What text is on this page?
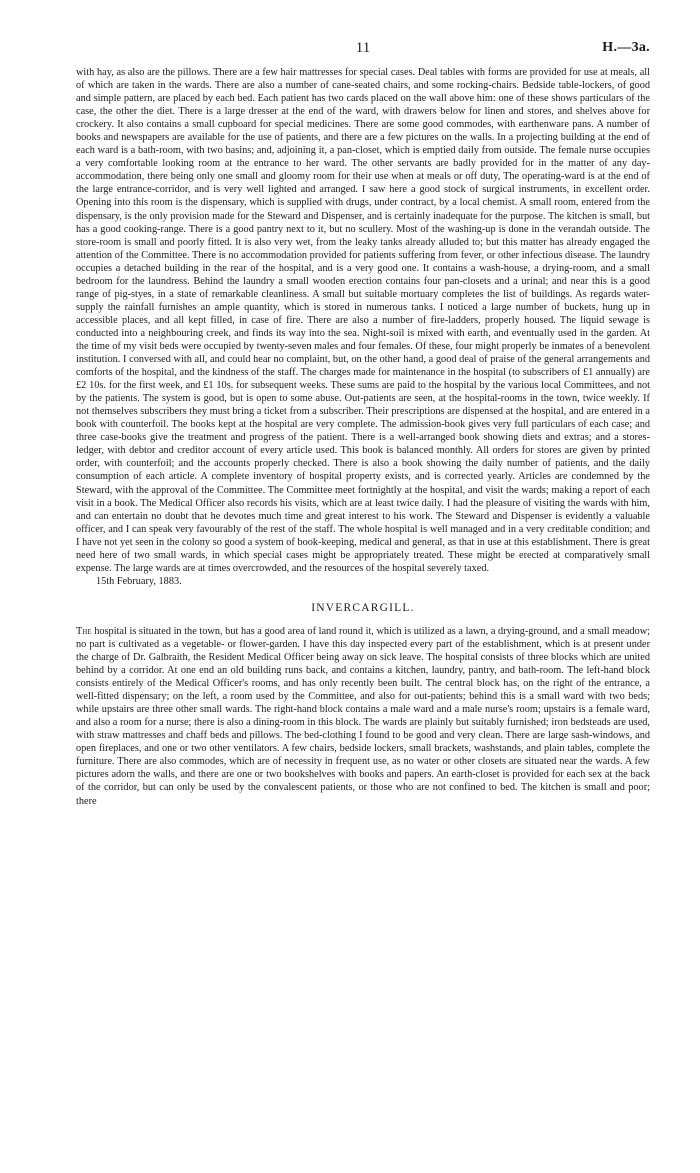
11	H.—3a.

with hay, as also are the pillows. There are a few hair mattresses for special cases. Deal tables with forms are provided for use at meals, all of which are taken in the wards. There are also a number of cane-seated chairs, and some rocking-chairs. Bedside table-lockers, of good and simple pattern, are placed by each bed. Each patient has two cards placed on the wall above him: one of these shows particulars of the case, the other the diet. There is a large dresser at the end of the ward, with drawers below for linen and stores, and shelves above for crockery. It also contains a small cupboard for special medicines. There are some good commodes, with earthenware pans. A number of books and newspapers are available for the use of patients, and there are a few pictures on the walls. In a projecting building at the end of each ward is a bath-room, with two basins; and, adjoining it, a pan-closet, which is emptied daily from outside. The female nurse occupies a very comfortable looking room at the entrance to her ward. The other servants are badly provided for in the matter of any day-accommodation, there being only one small and gloomy room for their use when at meals or off duty, The operating-ward is at the end of the large entrance-corridor, and is very well lighted and arranged. I saw here a good stock of surgical instruments, in excellent order. Opening into this room is the dispensary, which is supplied with drugs, under contract, by a local chemist. A small room, entered from the dispensary, is the only provision made for the Steward and Dispenser, and is certainly inadequate for the purpose. The kitchen is small, but has a good cooking-range. There is a good pantry next to it, but no scullery. Most of the washing-up is done in the verandah outside. The store-room is small and poorly fitted. It is also very wet, from the leaky tanks already alluded to; but this matter has already engaged the attention of the Committee. There is no accommodation provided for patients suffering from fever, or other infectious disease. The laundry occupies a detached building in the rear of the hospital, and is a very good one. It contains a wash-house, a drying-room, and a small bedroom for the laundress. Behind the laundry a small wooden erection contains four pan-closets and a urinal; and near this is a good range of pig-styes, in a state of remarkable cleanliness. A small but suitable mortuary completes the list of buildings. As regards water-supply the rainfall furnishes an ample quantity, which is stored in numerous tanks. I noticed a large number of buckets, hung up in accessible places, and all kept filled, in case of fire. There are also a number of fire-ladders, properly housed. The liquid sewage is conducted into a neighbouring creek, and finds its way into the sea. Night-soil is mixed with earth, and eventually used in the garden. At the time of my visit beds were occupied by twenty-seven males and four females. Of these, four might properly be inmates of a benevolent institution. I conversed with all, and could hear no complaint, but, on the other hand, a good deal of praise of the general arrangements and comforts of the hospital, and the kindness of the staff. The charges made for maintenance in the hospital (to subscribers of £1 annually) are £2 10s. for the first week, and £1 10s. for subsequent weeks. These sums are paid to the hospital by the various local Committees, and not by the patients. The system is good, but is open to some abuse. Out-patients are seen, at the hospital-rooms in the town, twice weekly. If not themselves subscribers they must bring a ticket from a subscriber. Their prescriptions are dispensed at the hospital, and are entered in a book with counterfoil. The books kept at the hospital are very complete. The admission-book gives very full particulars of each case; and three case-books give the treatment and progress of the patient. There is a well-arranged book showing diets and extras; and a stores-ledger, with debtor and creditor account of every article used. This book is balanced monthly. All orders for stores are given by printed order, with counterfoil; and the accounts properly checked. There is also a book showing the daily number of patients, and the daily consumption of each article. A complete inventory of hospital property exists, and is corrected yearly. Articles are condemned by the Steward, with the approval of the Committee. The Committee meet fortnightly at the hospital, and visit the wards; making a report of each visit in a book. The Medical Officer also records his visits, which are at least twice daily. I had the pleasure of visiting the wards with him, and can entertain no doubt that he devotes much time and great interest to his work. The Steward and Dispenser is evidently a valuable officer, and I can speak very favourably of the rest of the staff. The whole hospital is well managed and in a very creditable condition; and I have not yet seen in the colony so good a system of book-keeping, medical and general, as that in use at this establishment. There is great need here of two small wards, in which special cases might be appropriately treated. These might be erected at comparatively small expense. The large wards are at times overcrowded, and the resources of the hospital severely taxed.

15th February, 1883.

INVERCARGILL.

The hospital is situated in the town, but has a good area of land round it, which is utilized as a lawn, a drying-ground, and a small meadow; no part is cultivated as a vegetable- or flower-garden. I have this day inspected every part of the establishment, which is at present under the charge of Dr. Galbraith, the Resident Medical Officer being away on sick leave. The hospital consists of three blocks which are united behind by a corridor. At one end an old building runs back, and contains a kitchen, laundry, pantry, and bath-room. The left-hand block consists entirely of the Medical Officer's rooms, and has only recently been built. The central block has, on the right of the entrance, a well-fitted dispensary; on the left, a room used by the Committee, and also for out-patients; behind this is a small ward with two beds; while upstairs are three other small wards. The right-hand block contains a male ward and a male nurse's room; upstairs is a female ward, and also a room for a nurse; there is also a dining-room in this block. The wards are plainly but suitably furnished; iron bedsteads are used, with straw mattresses and chaff beds and pillows. The bed-clothing I found to be good and very clean. There are large sash-windows, and open fireplaces, and one or two other ventilators. A few chairs, bedside lockers, small brackets, washstands, and plain tables, complete the furniture. There are also commodes, which are of necessity in frequent use, as no water or other closets are situated near the wards. A few pictures adorn the walls, and there are one or two bookshelves with books and papers. An earth-closet is provided for each sex at the back of the corridor, but can only be used by the convalescent patients, or those who are not confined to bed. The kitchen is small and poor; there
